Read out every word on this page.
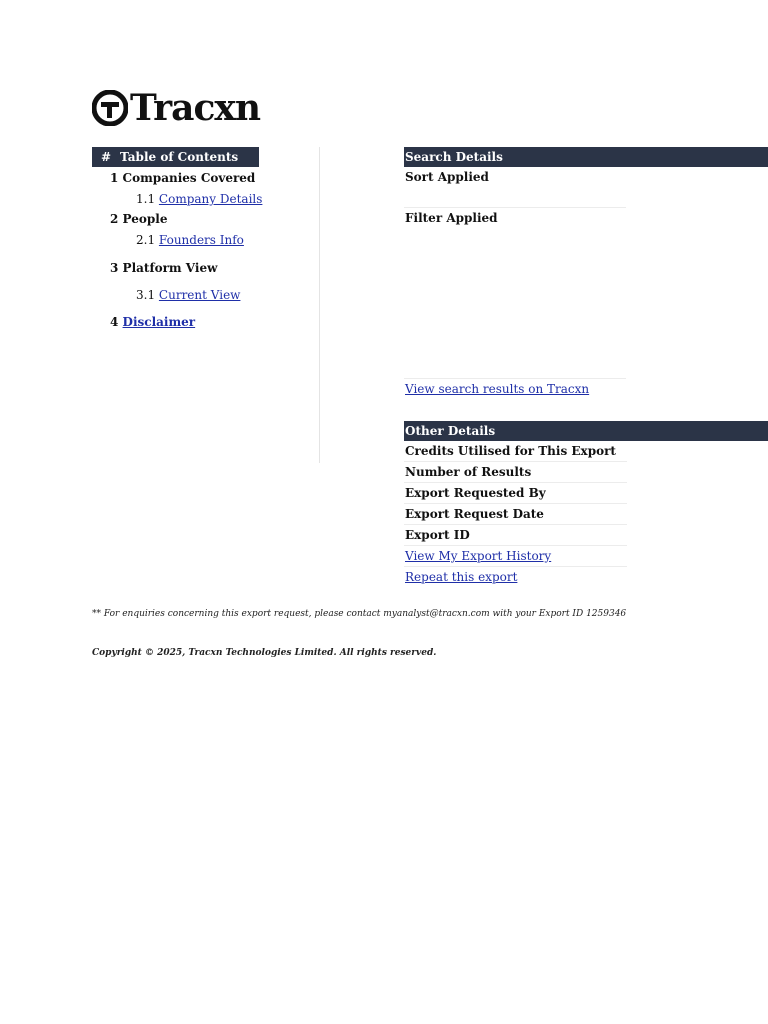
Tracxn
# Table of Contents
1 Companies Covered
1.1 Company Details
2 People
2.1 Founders Info
3 Platform View
3.1 Current View
4 Disclaimer
Search Details
Sort Applied
Filter Applied
View search results on Tracxn
Other Details
Credits Utilised for This Export
Number of Results
Export Requested By
Export Request Date
Export ID
View My Export History
Repeat this export
** For enquiries concerning this export request, please contact myanalyst@tracxn.com with your Export ID 1259346
Copyright © 2025, Tracxn Technologies Limited. All rights reserved.
